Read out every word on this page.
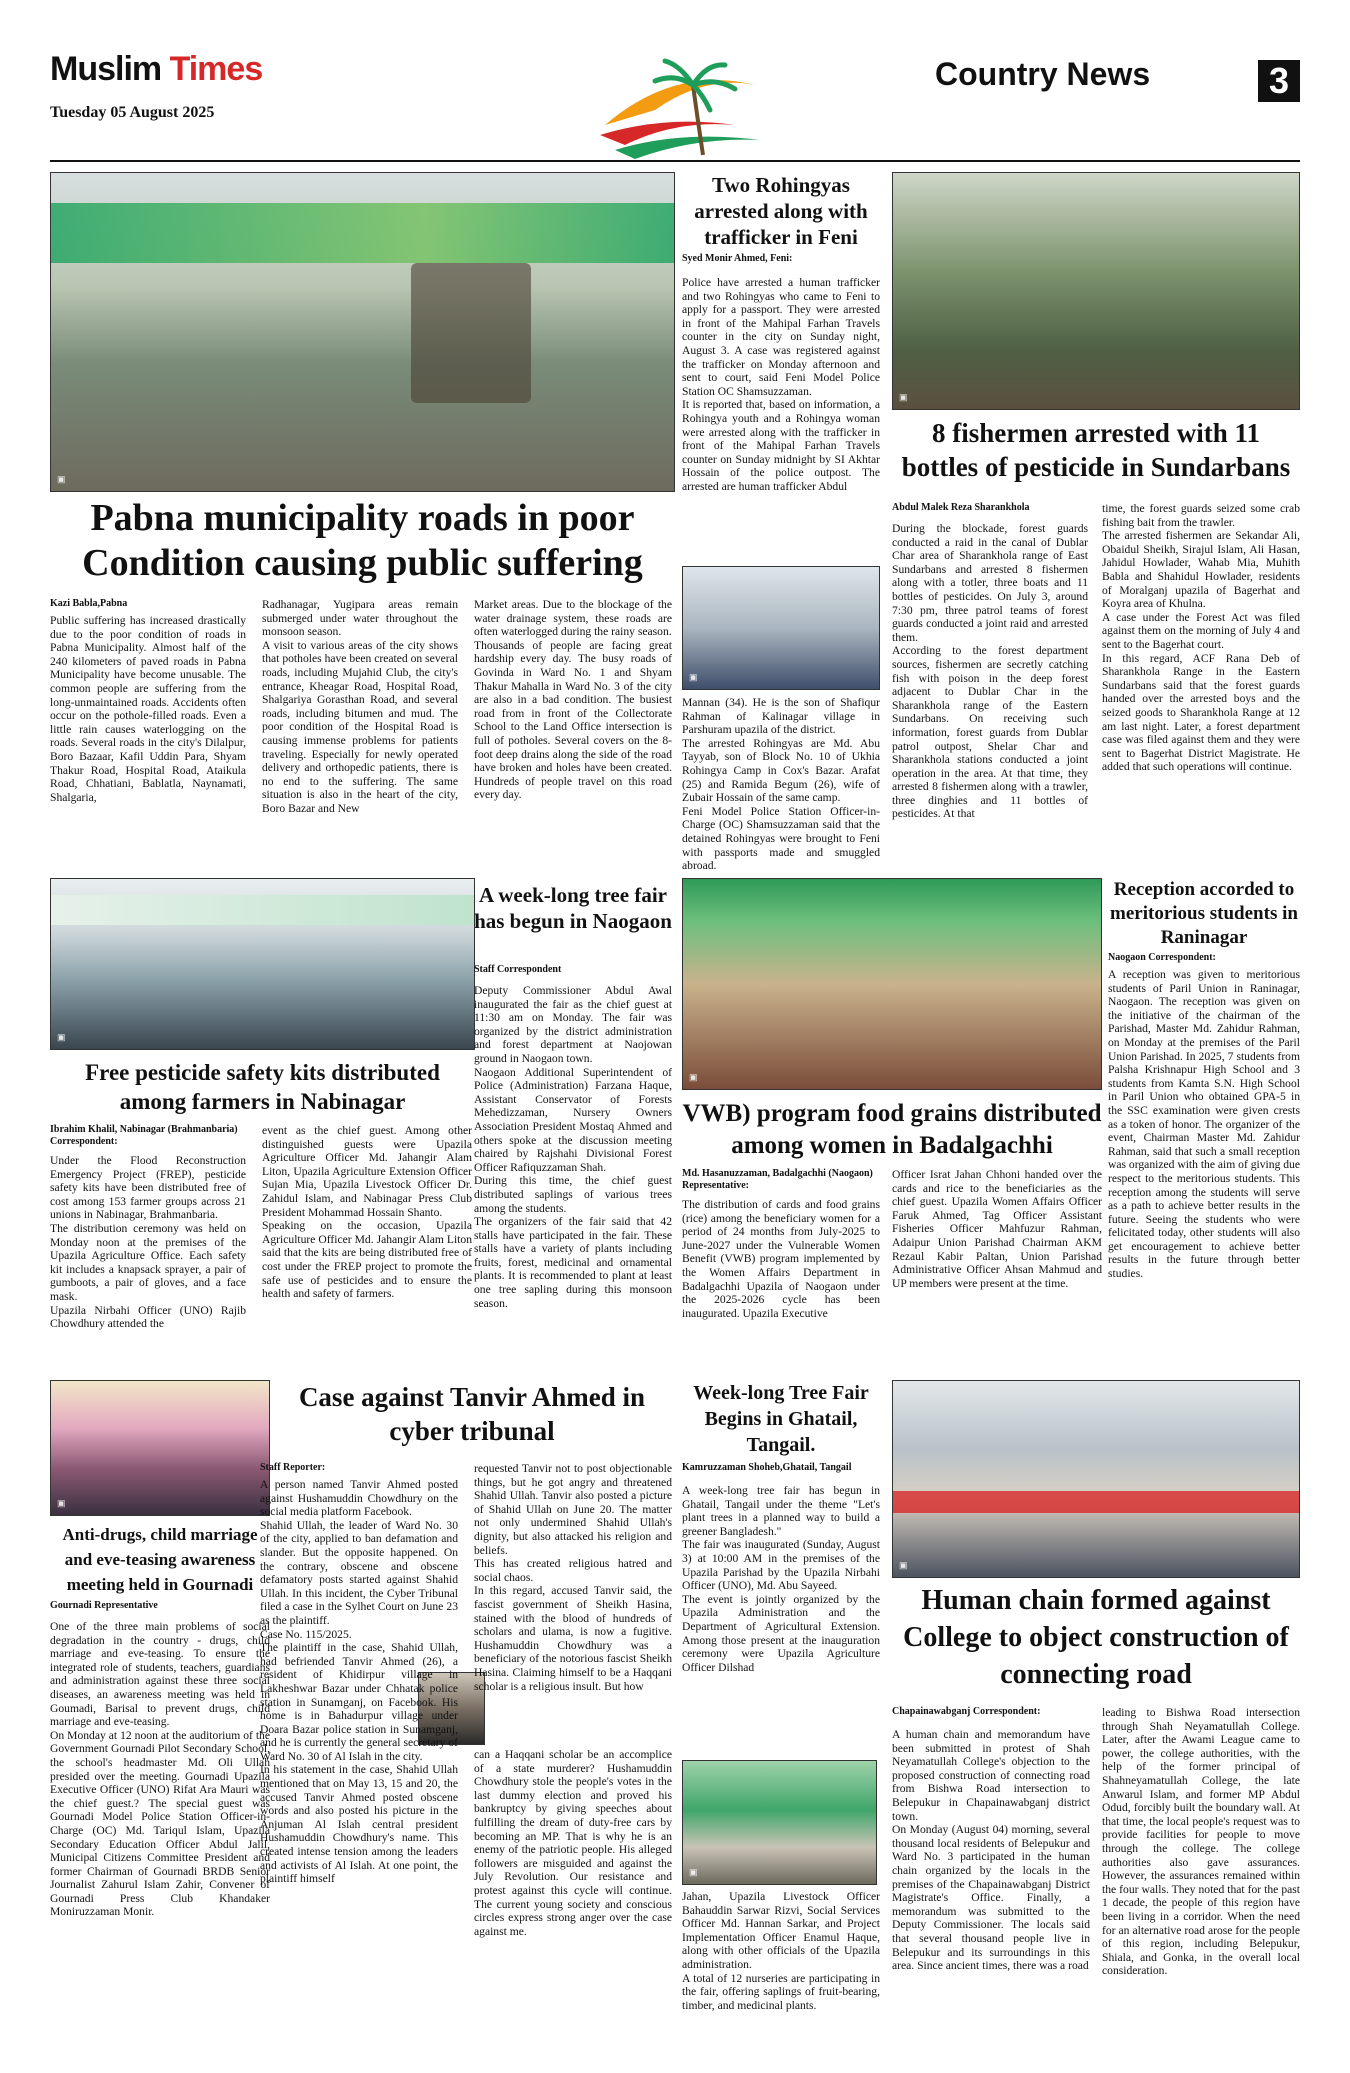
Muslim Times
Tuesday 05 August 2025
Country News	3
▣
▣
▣
▣
▣
▣
▣
▣
Pabna municipality roads in poor Condition causing public suffering
Kazi Babla,Pabna

Public suffering has increased drastically due to the poor condition of roads in Pabna Municipality. Almost half of the 240 kilometers of paved roads in Pabna Municipality have become unusable. The common people are suffering from the long-unmaintained roads. Accidents often occur on the pothole-filled roads. Even a little rain causes waterlogging on the roads. Several roads in the city's Dilalpur, Boro Bazaar, Kafil Uddin Para, Shyam Thakur Road, Hospital Road, Ataikula Road, Chhatiani, Bablatla, Naynamati, Shalgaria,

Radhanagar, Yugipara areas remain submerged under water throughout the monsoon season.
A visit to various areas of the city shows that potholes have been created on several roads, including Mujahid Club, the city's entrance, Kheagar Road, Hospital Road, Shalgariya Gorasthan Road, and several roads, including bitumen and mud. The poor condition of the Hospital Road is causing immense problems for patients traveling. Especially for newly operated delivery and orthopedic patients, there is no end to the suffering. The same situation is also in the heart of the city, Boro Bazar and New

Market areas. Due to the blockage of the water drainage system, these roads are often waterlogged during the rainy season.
Thousands of people are facing great hardship every day. The busy roads of Govinda in Ward No. 1 and Shyam Thakur Mahalla in Ward No. 3 of the city are also in a bad condition. The busiest road from in front of the Collectorate School to the Land Office intersection is full of potholes. Several covers on the 8-foot deep drains along the side of the road have broken and holes have been created. Hundreds of people travel on this road every day.

Two Rohingyas arrested along with trafficker in Feni
Syed Monir Ahmed, Feni:

Police have arrested a human trafficker and two Rohingyas who came to Feni to apply for a passport. They were arrested in front of the Mahipal Farhan Travels counter in the city on Sunday night, August 3. A case was registered against the trafficker on Monday afternoon and sent to court, said Feni Model Police Station OC Shamsuzzaman.
It is reported that, based on information, a Rohingya youth and a Rohingya woman were arrested along with the trafficker in front of the Mahipal Farhan Travels counter on Sunday midnight by SI Akhtar Hossain of the police outpost. The arrested are human trafficker Abdul

Mannan (34). He is the son of Shafiqur Rahman of Kalinagar village in Parshuram upazila of the district.
The arrested Rohingyas are Md. Abu Tayyab, son of Block No. 10 of Ukhia Rohingya Camp in Cox's Bazar. Arafat (25) and Ramida Begum (26), wife of Zubair Hossain of the same camp.
Feni Model Police Station Officer-in-Charge (OC) Shamsuzzaman said that the detained Rohingyas were brought to Feni with passports made and smuggled abroad.

8 fishermen arrested with 11 bottles of pesticide in Sundarbans
Abdul Malek Reza Sharankhola

During the blockade, forest guards conducted a raid in the canal of Dublar Char area of Sharankhola range of East Sundarbans and arrested 8 fishermen along with a totler, three boats and 11 bottles of pesticides. On July 3, around 7:30 pm, three patrol teams of forest guards conducted a joint raid and arrested them.
According to the forest department sources, fishermen are secretly catching fish with poison in the deep forest adjacent to Dublar Char in the Sharankhola range of the Eastern Sundarbans. On receiving such information, forest guards from Dublar patrol outpost, Shelar Char and Sharankhola stations conducted a joint operation in the area. At that time, they arrested 8 fishermen along with a trawler, three dinghies and 11 bottles of pesticides. At that

time, the forest guards seized some crab fishing bait from the trawler.
The arrested fishermen are Sekandar Ali, Obaidul Sheikh, Sirajul Islam, Ali Hasan, Jahidul Howlader, Wahab Mia, Muhith Babla and Shahidul Howlader, residents of Moralganj upazila of Bagerhat and Koyra area of Khulna.
A case under the Forest Act was filed against them on the morning of July 4 and sent to the Bagerhat court.
In this regard, ACF Rana Deb of Sharankhola Range in the Eastern Sundarbans said that the forest guards handed over the arrested boys and the seized goods to Sharankhola Range at 12 am last night. Later, a forest department case was filed against them and they were sent to Bagerhat District Magistrate. He added that such operations will continue.

Free pesticide safety kits distributed among farmers in Nabinagar
Ibrahim Khalil, Nabinagar (Brahmanbaria) Correspondent:

Under the Flood Reconstruction Emergency Project (FREP), pesticide safety kits have been distributed free of cost among 153 farmer groups across 21 unions in Nabinagar, Brahmanbaria.
The distribution ceremony was held on Monday noon at the premises of the Upazila Agriculture Office. Each safety kit includes a knapsack sprayer, a pair of gumboots, a pair of gloves, and a face mask.
Upazila Nirbahi Officer (UNO) Rajib Chowdhury attended the

event as the chief guest. Among other distinguished guests were Upazila Agriculture Officer Md. Jahangir Alam Liton, Upazila Agriculture Extension Officer Sujan Mia, Upazila Livestock Officer Dr. Zahidul Islam, and Nabinagar Press Club President Mohammad Hossain Shanto.
Speaking on the occasion, Upazila Agriculture Officer Md. Jahangir Alam Liton said that the kits are being distributed free of cost under the FREP project to promote the safe use of pesticides and to ensure the health and safety of farmers.

A week-long tree fair has begun in Naogaon
Staff Correspondent

Deputy Commissioner Abdul Awal inaugurated the fair as the chief guest at 11:30 am on Monday. The fair was organized by the district administration and forest department at Naojowan ground in Naogaon town.
Naogaon Additional Superintendent of Police (Administration) Farzana Haque, Assistant Conservator of Forests Mehedizzaman, Nursery Owners Association President Mostaq Ahmed and others spoke at the discussion meeting chaired by Rajshahi Divisional Forest Officer Rafiquzzaman Shah.
During this time, the chief guest distributed saplings of various trees among the students.
The organizers of the fair said that 42 stalls have participated in the fair. These stalls have a variety of plants including fruits, forest, medicinal and ornamental plants. It is recommended to plant at least one tree sapling during this monsoon season.

VWB) program food grains distributed among women in Badalgachhi
Md. Hasanuzzaman, Badalgachhi (Naogaon) Representative:

The distribution of cards and food grains (rice) among the beneficiary women for a period of 24 months from July-2025 to June-2027 under the Vulnerable Women Benefit (VWB) program implemented by the Women Affairs Department in Badalgachhi Upazila of Naogaon under the 2025-2026 cycle has been inaugurated. Upazila Executive

Officer Israt Jahan Chhoni handed over the cards and rice to the beneficiaries as the chief guest. Upazila Women Affairs Officer Faruk Ahmed, Tag Officer Assistant Fisheries Officer Mahfuzur Rahman, Adaipur Union Parishad Chairman AKM Rezaul Kabir Paltan, Union Parishad Administrative Officer Ahsan Mahmud and UP members were present at the time.

Reception accorded to meritorious students in Raninagar
Naogaon Correspondent:

A reception was given to meritorious students of Paril Union in Raninagar, Naogaon. The reception was given on the initiative of the chairman of the Parishad, Master Md. Zahidur Rahman, on Monday at the premises of the Paril Union Parishad. In 2025, 7 students from Palsha Krishnapur High School and 3 students from Kamta S.N. High School in Paril Union who obtained GPA-5 in the SSC examination were given crests as a token of honor. The organizer of the event, Chairman Master Md. Zahidur Rahman, said that such a small reception was organized with the aim of giving due respect to the meritorious students. This reception among the students will serve as a path to achieve better results in the future. Seeing the students who were felicitated today, other students will also get encouragement to achieve better results in the future through better studies.

Anti-drugs, child marriage and eve-teasing awareness meeting held in Gournadi
Gournadi Representative

One of the three main problems of social degradation in the country - drugs, child marriage and eve-teasing. To ensure the integrated role of students, teachers, guardians and administration against these three social diseases, an awareness meeting was held in Goumadi, Barisal to prevent drugs, child marriage and eve-teasing.
On Monday at 12 noon at the auditorium of the Government Gournadi Pilot Secondary School, the school's headmaster Md. Oli Ullah presided over the meeting. Gournadi Upazila Executive Officer (UNO) Rifat Ara Mauri was the chief guest.? The special guest was Gournadi Model Police Station Officer-in-Charge (OC) Md. Tariqul Islam, Upazila Secondary Education Officer Abdul Jalil, Municipal Citizens Committee President and former Chairman of Gournadi BRDB Senior Journalist Zahurul Islam Zahir, Convener of Gournadi Press Club Khandaker Moniruzzaman Monir.

Case against Tanvir Ahmed in cyber tribunal
Staff Reporter:

A person named Tanvir Ahmed posted against Hushamuddin Chowdhury on the social media platform Facebook.
Shahid Ullah, the leader of Ward No. 30 of the city, applied to ban defamation and slander. But the opposite happened. On the contrary, obscene and obscene defamatory posts started against Shahid Ullah. In this incident, the Cyber Tribunal filed a case in the Sylhet Court on June 23 as the plaintiff.
Case No. 115/2025.
The plaintiff in the case, Shahid Ullah, had befriended Tanvir Ahmed (26), a resident of Khidirpur village in Lakheshwar Bazar under Chhatak police station in Sunamganj, on Facebook. His home is in Bahadurpur village under Doara Bazar police station in Sunamganj, and he is currently the general secretary of Ward No. 30 of Al Islah in the city.
In his statement in the case, Shahid Ullah mentioned that on May 13, 15 and 20, the accused Tanvir Ahmed posted obscene words and also posted his picture in the Anjuman Al Islah central president Hushamuddin Chowdhury's name. This created intense tension among the leaders and activists of Al Islah. At one point, the plaintiff himself

requested Tanvir not to post objectionable things, but he got angry and threatened Shahid Ullah. Tanvir also posted a picture of Shahid Ullah on June 20. The matter not only undermined Shahid Ullah's dignity, but also attacked his religion and beliefs.
This has created religious hatred and social chaos.
In this regard, accused Tanvir said, the fascist government of Sheikh Hasina, stained with the blood of hundreds of scholars and ulama, is now a fugitive. Hushamuddin Chowdhury was a beneficiary of the notorious fascist Sheikh Hasina. Claiming himself to be a Haqqani scholar is a religious insult. But how

can a Haqqani scholar be an accomplice of a state murderer? Hushamuddin Chowdhury stole the people's votes in the last dummy election and proved his bankruptcy by giving speeches about fulfilling the dream of duty-free cars by becoming an MP. That is why he is an enemy of the patriotic people. His alleged followers are misguided and against the July Revolution. Our resistance and protest against this cycle will continue. The current young society and conscious circles express strong anger over the case against me.

Week-long Tree Fair Begins in Ghatail, Tangail.
Kamruzzaman Shoheb,Ghatail, Tangail

A week-long tree fair has begun in Ghatail, Tangail under the theme "Let's plant trees in a planned way to build a greener Bangladesh."
The fair was inaugurated (Sunday, August 3) at 10:00 AM in the premises of the Upazila Parishad by the Upazila Nirbahi Officer (UNO), Md. Abu Sayeed.
The event is jointly organized by the Upazila Administration and the Department of Agricultural Extension. Among those present at the inauguration ceremony were Upazila Agriculture Officer Dilshad

Jahan, Upazila Livestock Officer Bahauddin Sarwar Rizvi, Social Services Officer Md. Hannan Sarkar, and Project Implementation Officer Enamul Haque, along with other officials of the Upazila administration.
A total of 12 nurseries are participating in the fair, offering saplings of fruit-bearing, timber, and medicinal plants.

Human chain formed against College to object construction of connecting road
Chapainawabganj Correspondent:

A human chain and memorandum have been submitted in protest of Shah Neyamatullah College's objection to the proposed construction of connecting road from Bishwa Road intersection to Belepukur in Chapainawabganj district town.
On Monday (August 04) morning, several thousand local residents of Belepukur and Ward No. 3 participated in the human chain organized by the locals in the premises of the Chapainawabganj District Magistrate's Office. Finally, a memorandum was submitted to the Deputy Commissioner. The locals said that several thousand people live in Belepukur and its surroundings in this area. Since ancient times, there was a road

leading to Bishwa Road intersection through Shah Neyamatullah College. Later, after the Awami League came to power, the college authorities, with the help of the former principal of Shahneyamatullah College, the late Anwarul Islam, and former MP Abdul Odud, forcibly built the boundary wall. At that time, the local people's request was to provide facilities for people to move through the college. The college authorities also gave assurances. However, the assurances remained within the four walls. They noted that for the past 1 decade, the people of this region have been living in a corridor. When the need for an alternative road arose for the people of this region, including Belepukur, Shiala, and Gonka, in the overall local consideration.
